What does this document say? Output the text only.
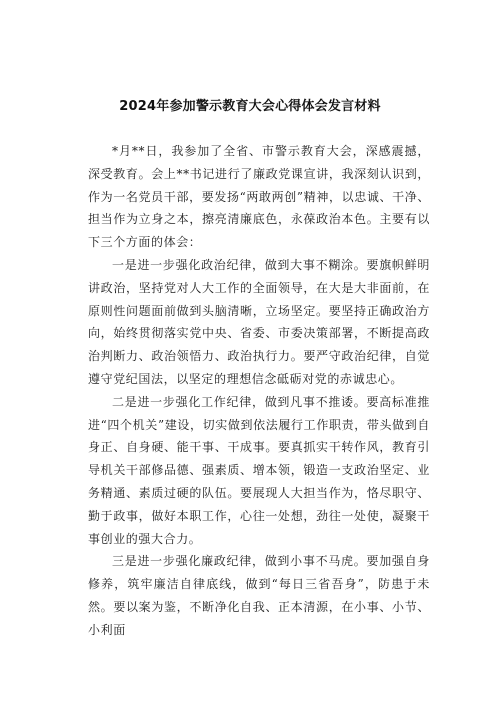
2024年参加警示教育大会心得体会发言材料

*月**日，我参加了全省、市警示教育大会，深感震撼，深受教育。会上**书记进行了廉政党课宣讲，我深刻认识到，作为一名党员干部，要发扬“两敢两创”精神，以忠诚、干净、担当作为立身之本，擦亮清廉底色，永葆政治本色。主要有以下三个方面的体会：

一是进一步强化政治纪律，做到大事不糊涂。要旗帜鲜明讲政治，坚持党对人大工作的全面领导，在大是大非面前，在原则性问题面前做到头脑清晰，立场坚定。要坚持正确政治方向，始终贯彻落实党中央、省委、市委决策部署，不断提高政治判断力、政治领悟力、政治执行力。要严守政治纪律，自觉遵守党纪国法，以坚定的理想信念砥砺对党的赤诚忠心。

二是进一步强化工作纪律，做到凡事不推诿。要高标准推进“四个机关”建设，切实做到依法履行工作职责，带头做到自身正、自身硬、能干事、干成事。要真抓实干转作风，教育引导机关干部修品德、强素质、增本领，锻造一支政治坚定、业务精通、素质过硬的队伍。要展现人大担当作为，恪尽职守、勤于政事，做好本职工作，心往一处想，劲往一处使，凝聚干事创业的强大合力。

三是进一步强化廉政纪律，做到小事不马虎。要加强自身修养，筑牢廉洁自律底线，做到“每日三省吾身”，防患于未然。要以案为鉴，不断净化自我、正本清源，在小事、小节、小利面
